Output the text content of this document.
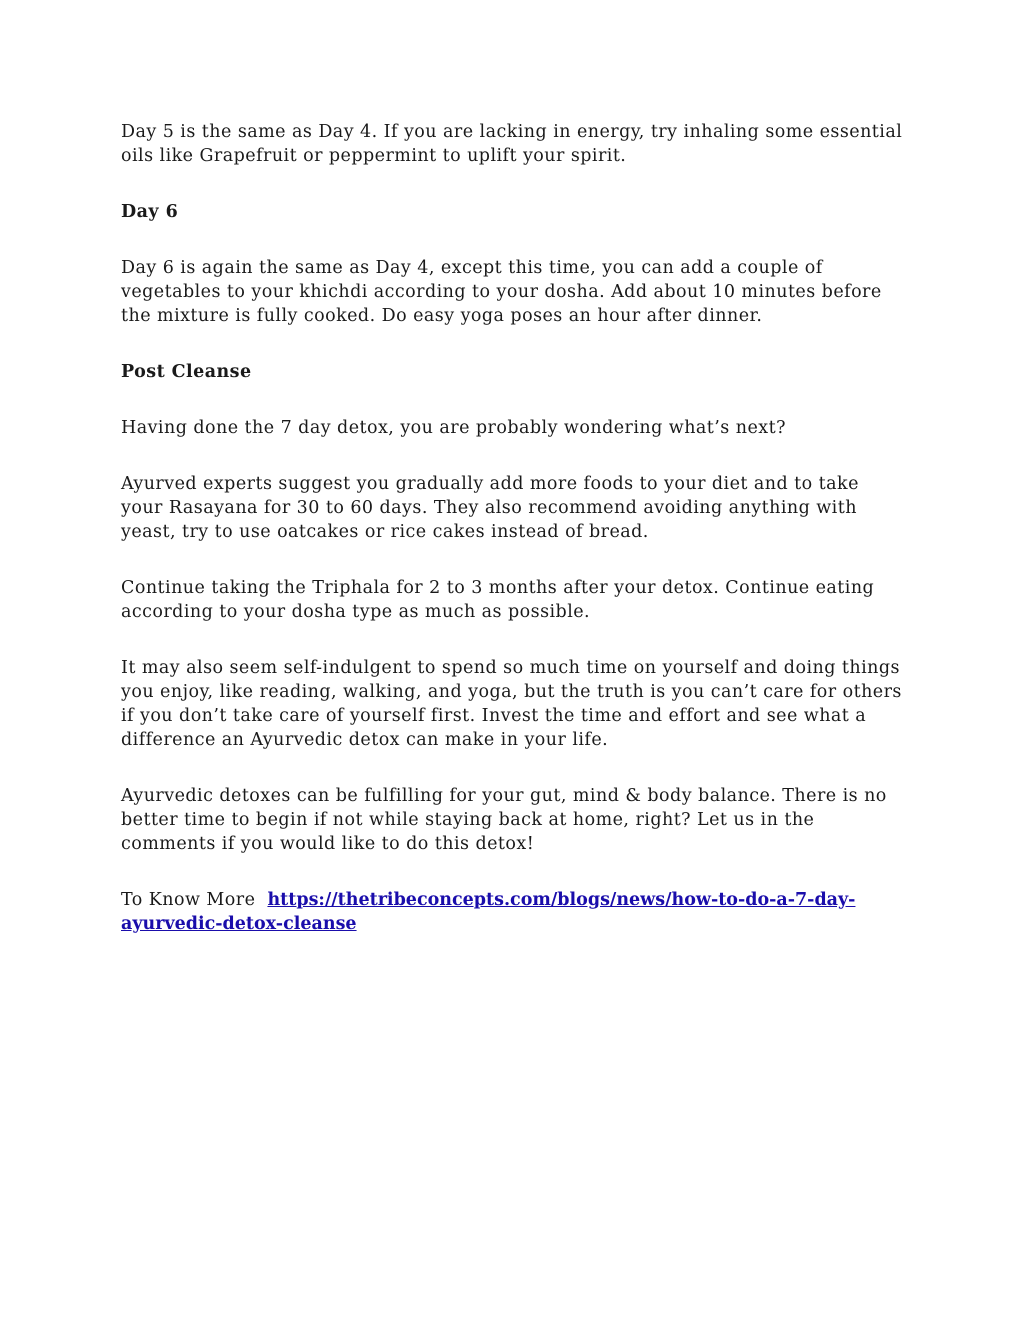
Day 5 is the same as Day 4. If you are lacking in energy, try inhaling some essential oils like Grapefruit or peppermint to uplift your spirit.

Day 6

Day 6 is again the same as Day 4, except this time, you can add a couple of vegetables to your khichdi according to your dosha. Add about 10 minutes before the mixture is fully cooked. Do easy yoga poses an hour after dinner.

Post Cleanse

Having done the 7 day detox, you are probably wondering what’s next?

Ayurved experts suggest you gradually add more foods to your diet and to take your Rasayana for 30 to 60 days. They also recommend avoiding anything with yeast, try to use oatcakes or rice cakes instead of bread.

Continue taking the Triphala for 2 to 3 months after your detox. Continue eating according to your dosha type as much as possible.

It may also seem self-indulgent to spend so much time on yourself and doing things you enjoy, like reading, walking, and yoga, but the truth is you can’t care for others if you don’t take care of yourself first. Invest the time and effort and see what a difference an Ayurvedic detox can make in your life.

Ayurvedic detoxes can be fulfilling for your gut, mind & body balance. There is no better time to begin if not while staying back at home, right? Let us in the comments if you would like to do this detox!

To Know More https://thetribeconcepts.com/blogs/news/how-to-do-a-7-day-ayurvedic-detox-cleanse
